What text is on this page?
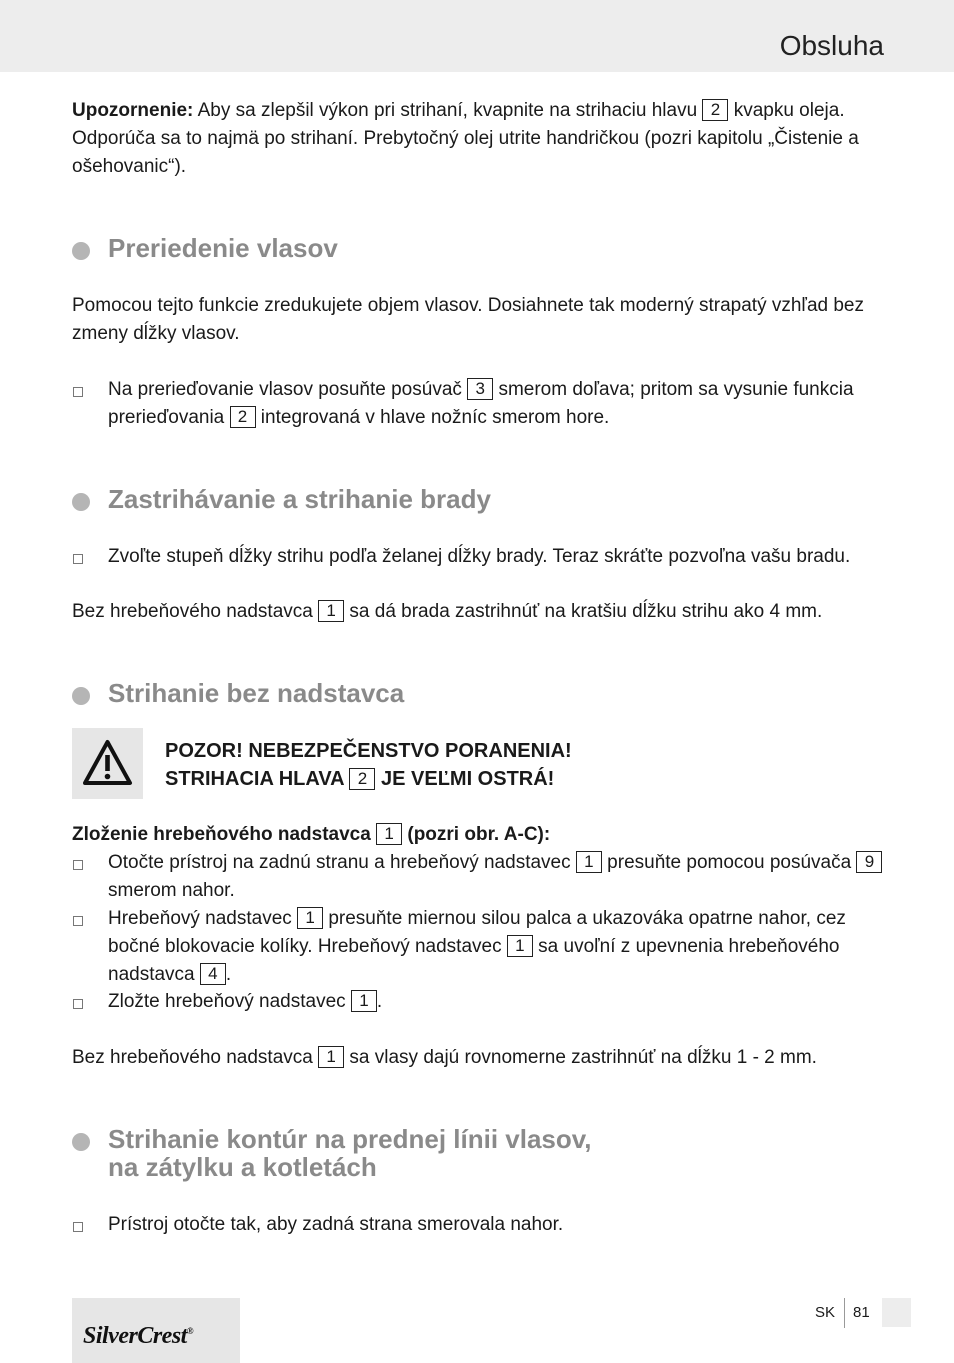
Obsluha
Upozornenie: Aby sa zlepšil výkon pri strihaní, kvapnite na strihaciu hlavu 2 kvapku oleja. Odporúča sa to najmä po strihaní. Prebytočný olej utrite handričkou (pozri kapitolu „Čistenie a ošehovanic“).
Preriedenie vlasov
Pomocou tejto funkcie zredukujete objem vlasov. Dosiahnete tak moderný strapatý vzhľad bez zmeny dĺžky vlasov.
Na prerieďovanie vlasov posuňte posúvač 3 smerom doľava; pritom sa vysunie funkcia prerieďovania 2 integrovaná v hlave nožníc smerom hore.
Zastrihávanie a strihanie brady
Zvoľte stupeň dĺžky strihu podľa želanej dĺžky brady. Teraz skráťte pozvoľna vašu bradu.
Bez hrebeňového nadstavca 1 sa dá brada zastrihnúť na kratšiu dĺžku strihu ako 4 mm.
Strihanie bez nadstavca
POZOR! NEBEZPEČENSTVO PORANENIA!
STRIHACIA HLAVA 2 JE VEĽMI OSTRÁ!
Zloženie hrebeňového nadstavca 1 (pozri obr. A-C):
Otočte prístroj na zadnú stranu a hrebeňový nadstavec 1 presuňte pomocou posúvača 9 smerom nahor.
Hrebeňový nadstavec 1 presuňte miernou silou palca a ukazováka opatrne nahor, cez bočné blokovacie kolíky. Hrebeňový nadstavec 1 sa uvoľní z upevnenia hrebeňového nadstavca 4 .
Zložte hrebeňový nadstavec 1 .
Bez hrebeňového nadstavca 1 sa vlasy dajú rovnomerne zastrihnúť na dĺžku 1 - 2 mm.
Strihanie kontúr na prednej línii vlasov,
na zátylku a kotletách
Prístroj otočte tak, aby zadná strana smerovala nahor.
SilverCrest®
SK 81
